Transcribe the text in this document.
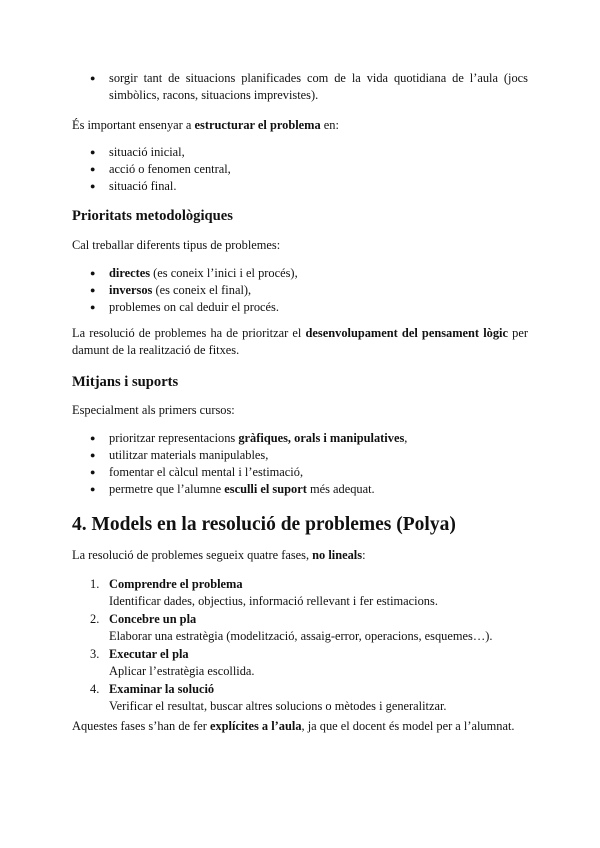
● sorgir tant de situacions planificades com de la vida quotidiana de l’aula (jocs simbòlics, racons, situacions imprevistes).

És important ensenyar a estructurar el problema en:

● situació inicial,
● acció o fenomen central,
● situació final.
Prioritats metodològiques

Cal treballar diferents tipus de problemes:

● directes (es coneix l’inici i el procés),
● inversos (es coneix el final),
● problemes on cal deduir el procés.

La resolució de problemes ha de prioritzar el desenvolupament del pensament lògic per damunt de la realització de fitxes.

Mitjans i suports

Especialment als primers cursos:

● prioritzar representacions gràfiques, orals i manipulatives,
● utilitzar materials manipulables,
● fomentar el càlcul mental i l’estimació,
● permetre que l’alumne esculli el suport més adequat.
4. Models en la resolució de problemes (Polya)

La resolució de problemes segueix quatre fases, no lineals:

1. Comprendre el problema
Identificar dades, objectius, informació rellevant i fer estimacions.
2. Concebre un pla
Elaborar una estratègia (modelització, assaig-error, operacions, esquemes…).
3. Executar el pla
Aplicar l’estratègia escollida.
4. Examinar la solució
Verificar el resultat, buscar altres solucions o mètodes i generalitzar.

Aquestes fases s’han de fer explícites a l’aula, ja que el docent és model per a l’alumnat.
